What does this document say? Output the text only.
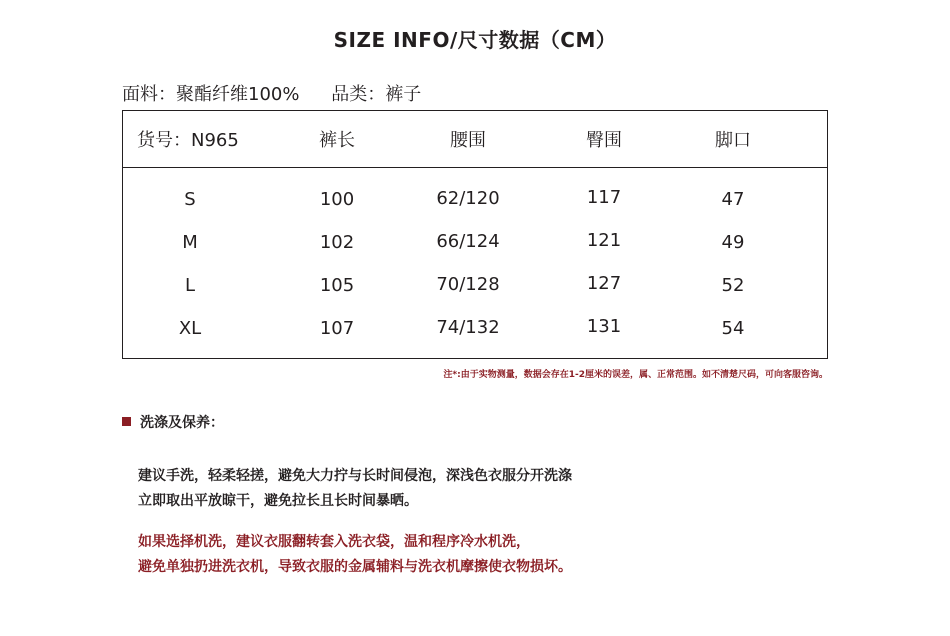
SIZE INFO/尺寸数据（CM）
面料：聚酯纤维100% 品类：裤子
货号：N965	裤长	腰围	臀围	脚口
S	100	62/120	117	47
M	102	66/124	121	49
L	105	70/128	127	52
XL	107	74/132	131	54
注*:由于实物测量，数据会存在1-2厘米的误差，属、正常范围。如不清楚尺码，可向客服咨询。
洗涤及保养：
建议手洗，轻柔轻搓，避免大力拧与长时间侵泡，深浅色衣服分开洗涤
立即取出平放晾干，避免拉长且长时间暴晒。
如果选择机洗，建议衣服翻转套入洗衣袋，温和程序冷水机洗，
避免单独扔进洗衣机，导致衣服的金属辅料与洗衣机摩擦使衣物损坏。
